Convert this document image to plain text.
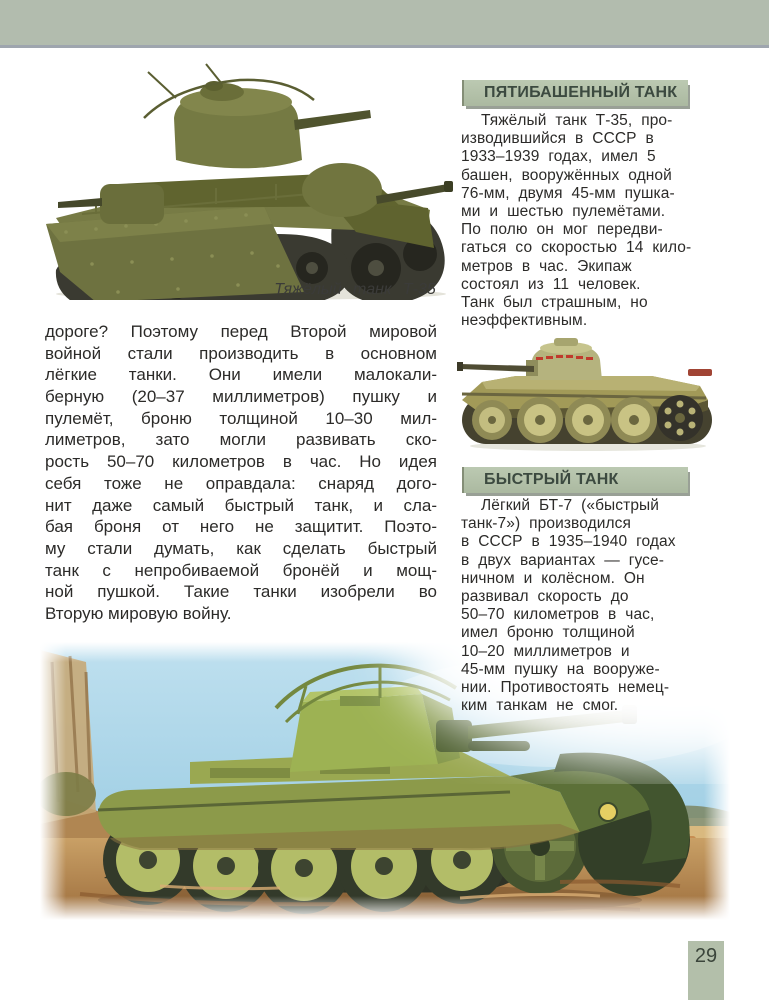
Тяжёлый танк Т-35
дороге? Поэтому перед Второй мировой
войной стали производить в основном
лёгкие танки. Они имели малокали-
берную (20–37 миллиметров) пушку и
пулемёт, броню толщиной 10–30 мил-
лиметров, зато могли развивать ско-
рость 50–70 километров в час. Но идея
себя тоже не оправдала: снаряд дого-
нит даже самый быстрый танк, и сла-
бая броня от него не защитит. Поэто-
му стали думать, как сделать быстрый
танк с непробиваемой бронёй и мощ-
ной пушкой. Такие танки изобрели во
Вторую мировую войну.
ПЯТИБАШЕННЫЙ ТАНК
Тяжёлый танк Т-35, про-
изводившийся в СССР в
1933–1939 годах, имел 5
башен, вооружённых одной
76-мм, двумя 45-мм пушка-
ми и шестью пулемётами.
По полю он мог передви-
гаться со скоростью 14 кило-
метров в час. Экипаж
состоял из 11 человек.
Танк был страшным, но
неэффективным.
БЫСТРЫЙ ТАНК
Лёгкий БТ-7 («быстрый
танк-7») производился
в СССР в 1935–1940 годах
в двух вариантах — гусе-
ничном и колёсном. Он
развивал скорость до
50–70 километров в час,
имел броню толщиной
10–20 миллиметров и
45-мм пушку на вооруже-
нии. Противостоять немец-
ким танкам не смог.
29
